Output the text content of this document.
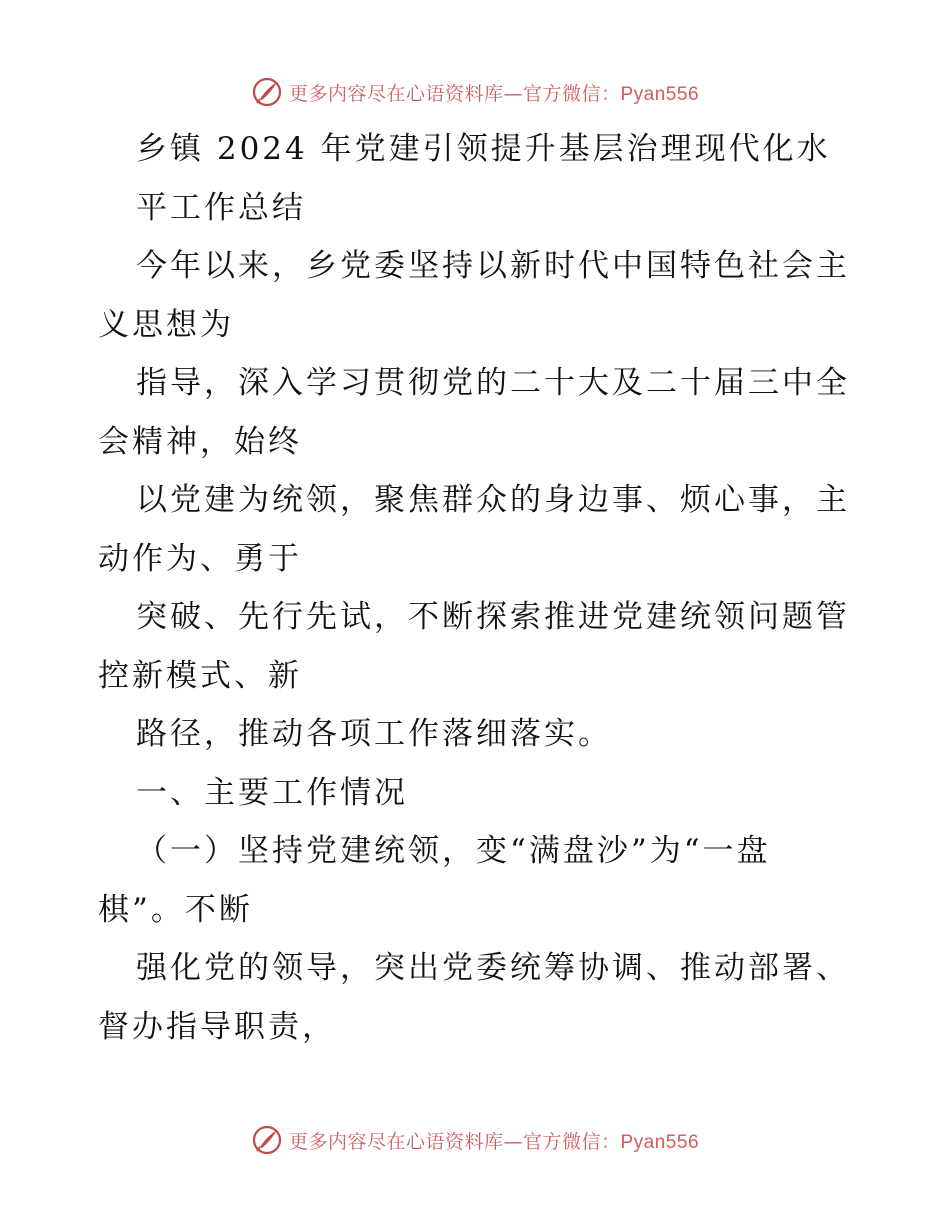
更多内容尽在心语资料库—官方微信：Pyan556
乡镇 2024 年党建引领提升基层治理现代化水
平工作总结
今年以来，乡党委坚持以新时代中国特色社会主
义思想为
指导，深入学习贯彻党的二十大及二十届三中全
会精神，始终
以党建为统领，聚焦群众的身边事、烦心事，主
动作为、勇于
突破、先行先试，不断探索推进党建统领问题管
控新模式、新
路径，推动各项工作落细落实。
一、主要工作情况
（一）坚持党建统领，变“满盘沙”为“一盘
棋”。不断
强化党的领导，突出党委统筹协调、推动部署、
督办指导职责，
更多内容尽在心语资料库—官方微信：Pyan556
